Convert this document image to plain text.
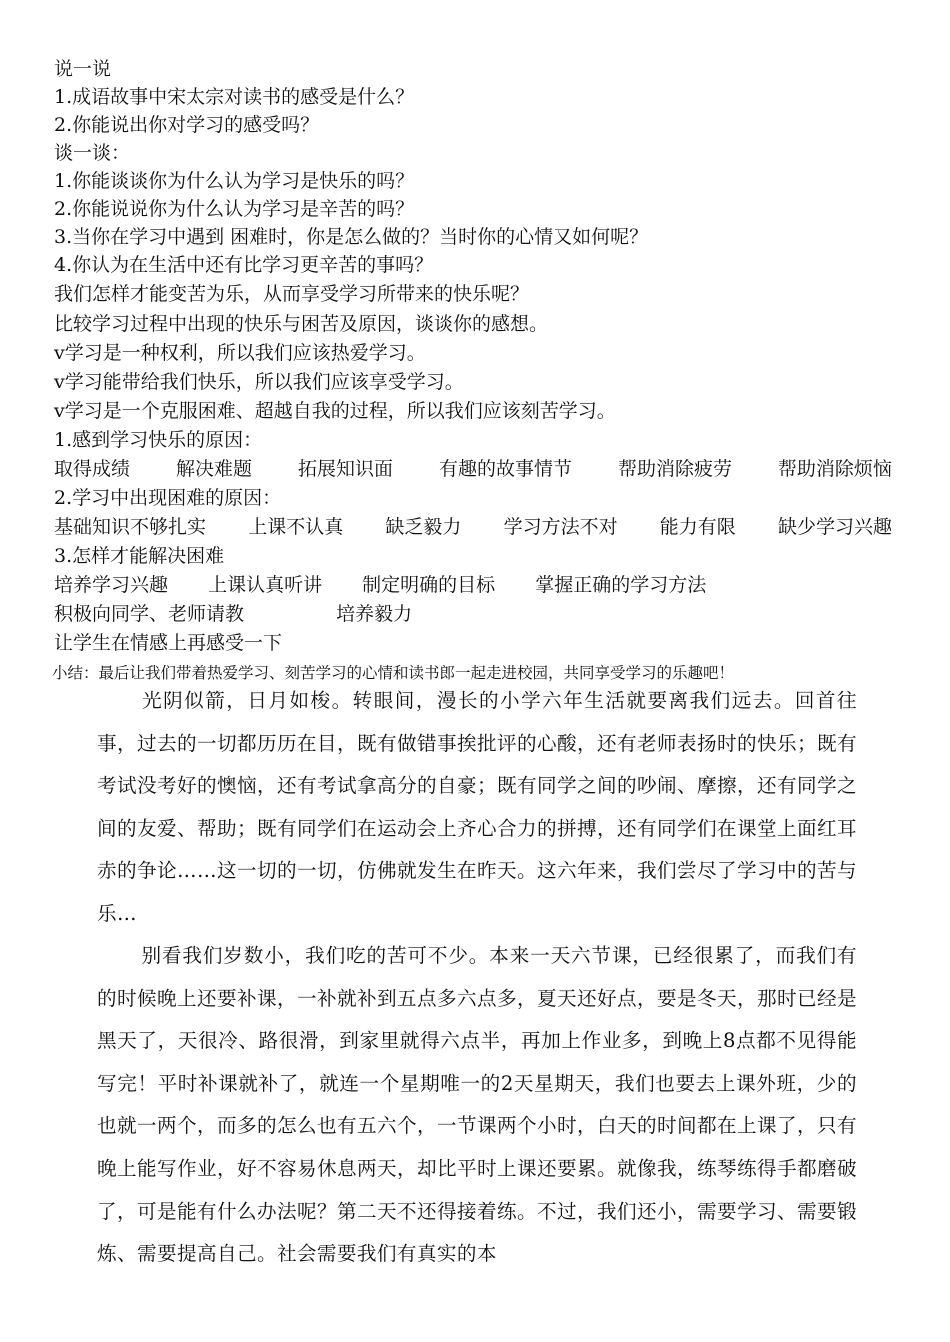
说一说
1.成语故事中宋太宗对读书的感受是什么？
2.你能说出你对学习的感受吗？
谈一谈：
1.你能谈谈你为什么认为学习是快乐的吗？
2.你能说说你为什么认为学习是辛苦的吗？
3.当你在学习中遇到 困难时，你是怎么做的？当时你的心情又如何呢？
4.你认为在生活中还有比学习更辛苦的事吗？
我们怎样才能变苦为乐，从而享受学习所带来的快乐呢？
比较学习过程中出现的快乐与困苦及原因，谈谈你的感想。
v学习是一种权利，所以我们应该热爱学习。
v学习能带给我们快乐，所以我们应该享受学习。
v学习是一个克服困难、超越自我的过程，所以我们应该刻苦学习。
1.感到学习快乐的原因：
取得成绩 解决难题 拓展知识面 有趣的故事情节 帮助消除疲劳 帮助消除烦恼
2.学习中出现困难的原因：
基础知识不够扎实 上课不认真 缺乏毅力 学习方法不对 能力有限 缺少学习兴趣
3.怎样才能解决困难
培养学习兴趣 上课认真听讲 制定明确的目标 掌握正确的学习方法
积极向同学、老师请教	培养毅力
让学生在情感上再感受一下
小结：最后让我们带着热爱学习、刻苦学习的心情和读书郎一起走进校园，共同享受学习的乐趣吧！

光阴似箭，日月如梭。转眼间，漫长的小学六年生活就要离我们远去。回首往事，过去的一切都历历在目，既有做错事挨批评的心酸，还有老师表扬时的快乐；既有考试没考好的懊恼，还有考试拿高分的自豪；既有同学之间的吵闹、摩擦，还有同学之间的友爱、帮助；既有同学们在运动会上齐心合力的拼搏，还有同学们在课堂上面红耳赤的争论……这一切的一切，仿佛就发生在昨天。这六年来，我们尝尽了学习中的苦与乐…

别看我们岁数小，我们吃的苦可不少。本来一天六节课，已经很累了，而我们有的时候晚上还要补课，一补就补到五点多六点多，夏天还好点，要是冬天，那时已经是黑天了，天很冷、路很滑，到家里就得六点半，再加上作业多，到晚上8点都不见得能写完！平时补课就补了，就连一个星期唯一的2天星期天，我们也要去上课外班，少的也就一两个，而多的怎么也有五六个，一节课两个小时，白天的时间都在上课了，只有晚上能写作业，好不容易休息两天，却比平时上课还要累。就像我，练琴练得手都磨破了，可是能有什么办法呢？第二天不还得接着练。不过，我们还小，需要学习、需要锻炼、需要提高自己。社会需要我们有真实的本
